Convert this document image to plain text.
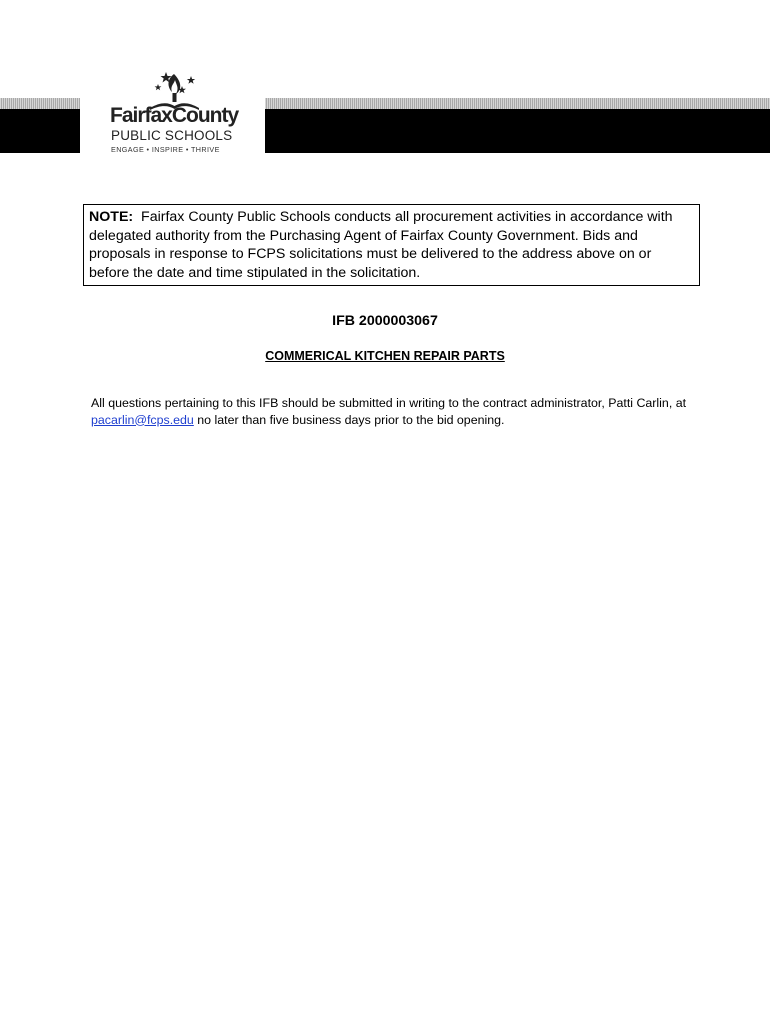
FairfaxCounty
PUBLIC SCHOOLS
ENGAGE • INSPIRE • THRIVE
NOTE: Fairfax County Public Schools conducts all procurement activities in accordance with delegated authority from the Purchasing Agent of Fairfax County Government. Bids and proposals in response to FCPS solicitations must be delivered to the address above on or before the date and time stipulated in the solicitation.
IFB 2000003067
COMMERICAL KITCHEN REPAIR PARTS
All questions pertaining to this IFB should be submitted in writing to the contract administrator, Patti Carlin, at pacarlin@fcps.edu no later than five business days prior to the bid opening.
